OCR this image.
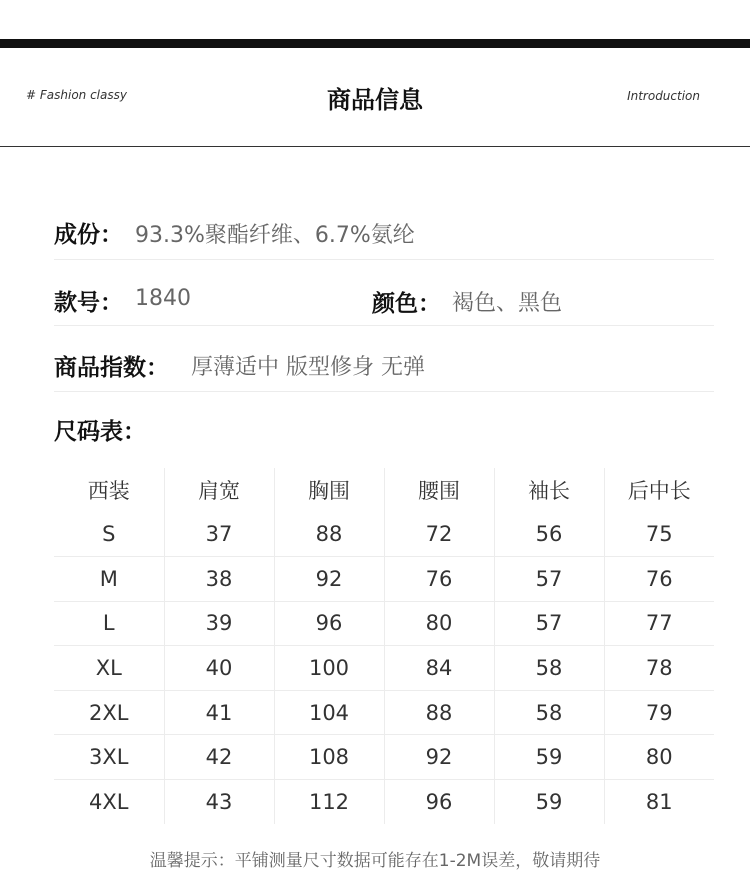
# Fashion classy	商品信息	Introduction
成份： 93.3%聚酯纤维、6.7%氨纶
款号： 1840	颜色： 褐色、黑色
商品指数： 厚薄适中 版型修身 无弹
尺码表：
西装	肩宽	胸围	腰围	袖长	后中长
S	37	88	72	56	75
M	38	92	76	57	76
L	39	96	80	57	77
XL	40	100	84	58	78
2XL	41	104	88	58	79
3XL	42	108	92	59	80
4XL	43	112	96	59	81
温馨提示：平铺测量尺寸数据可能存在1-2M误差，敬请期待
